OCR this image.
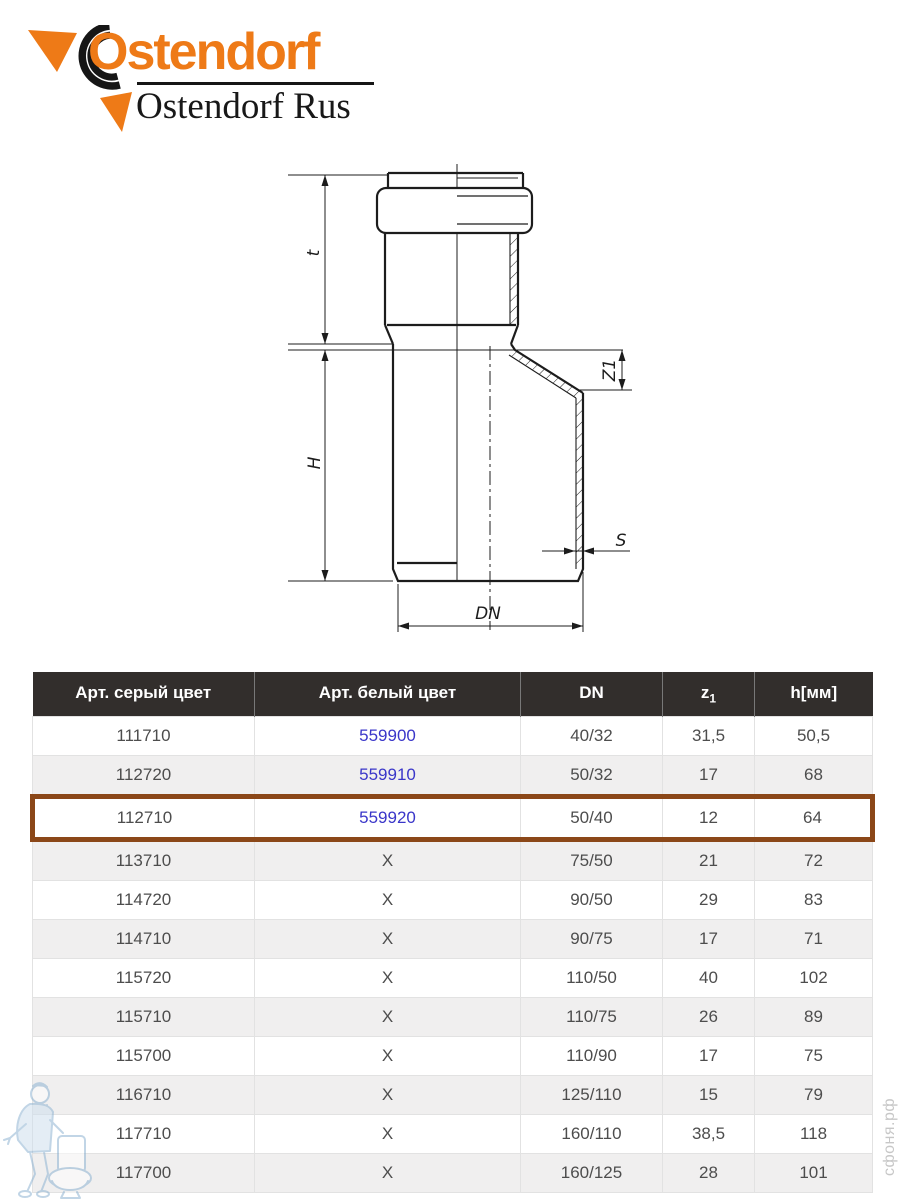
Ostendorf
Ostendorf Rus
t
H
Z1
S
DN
Арт. серый цвет	Арт. белый цвет	DN	$z_1$	h[мм]
111710	559900	40/32	31,5	50,5
112720	559910	50/32	17	68
112710	559920	50/40	12	64
113710	X	75/50	21	72
114720	X	90/50	29	83
114710	X	90/75	17	71
115720	X	110/50	40	102
115710	X	110/75	26	89
115700	X	110/90	17	75
116710	X	125/110	15	79
117710	X	160/110	38,5	118
117700	X	160/125	28	101	сфоня.рф
